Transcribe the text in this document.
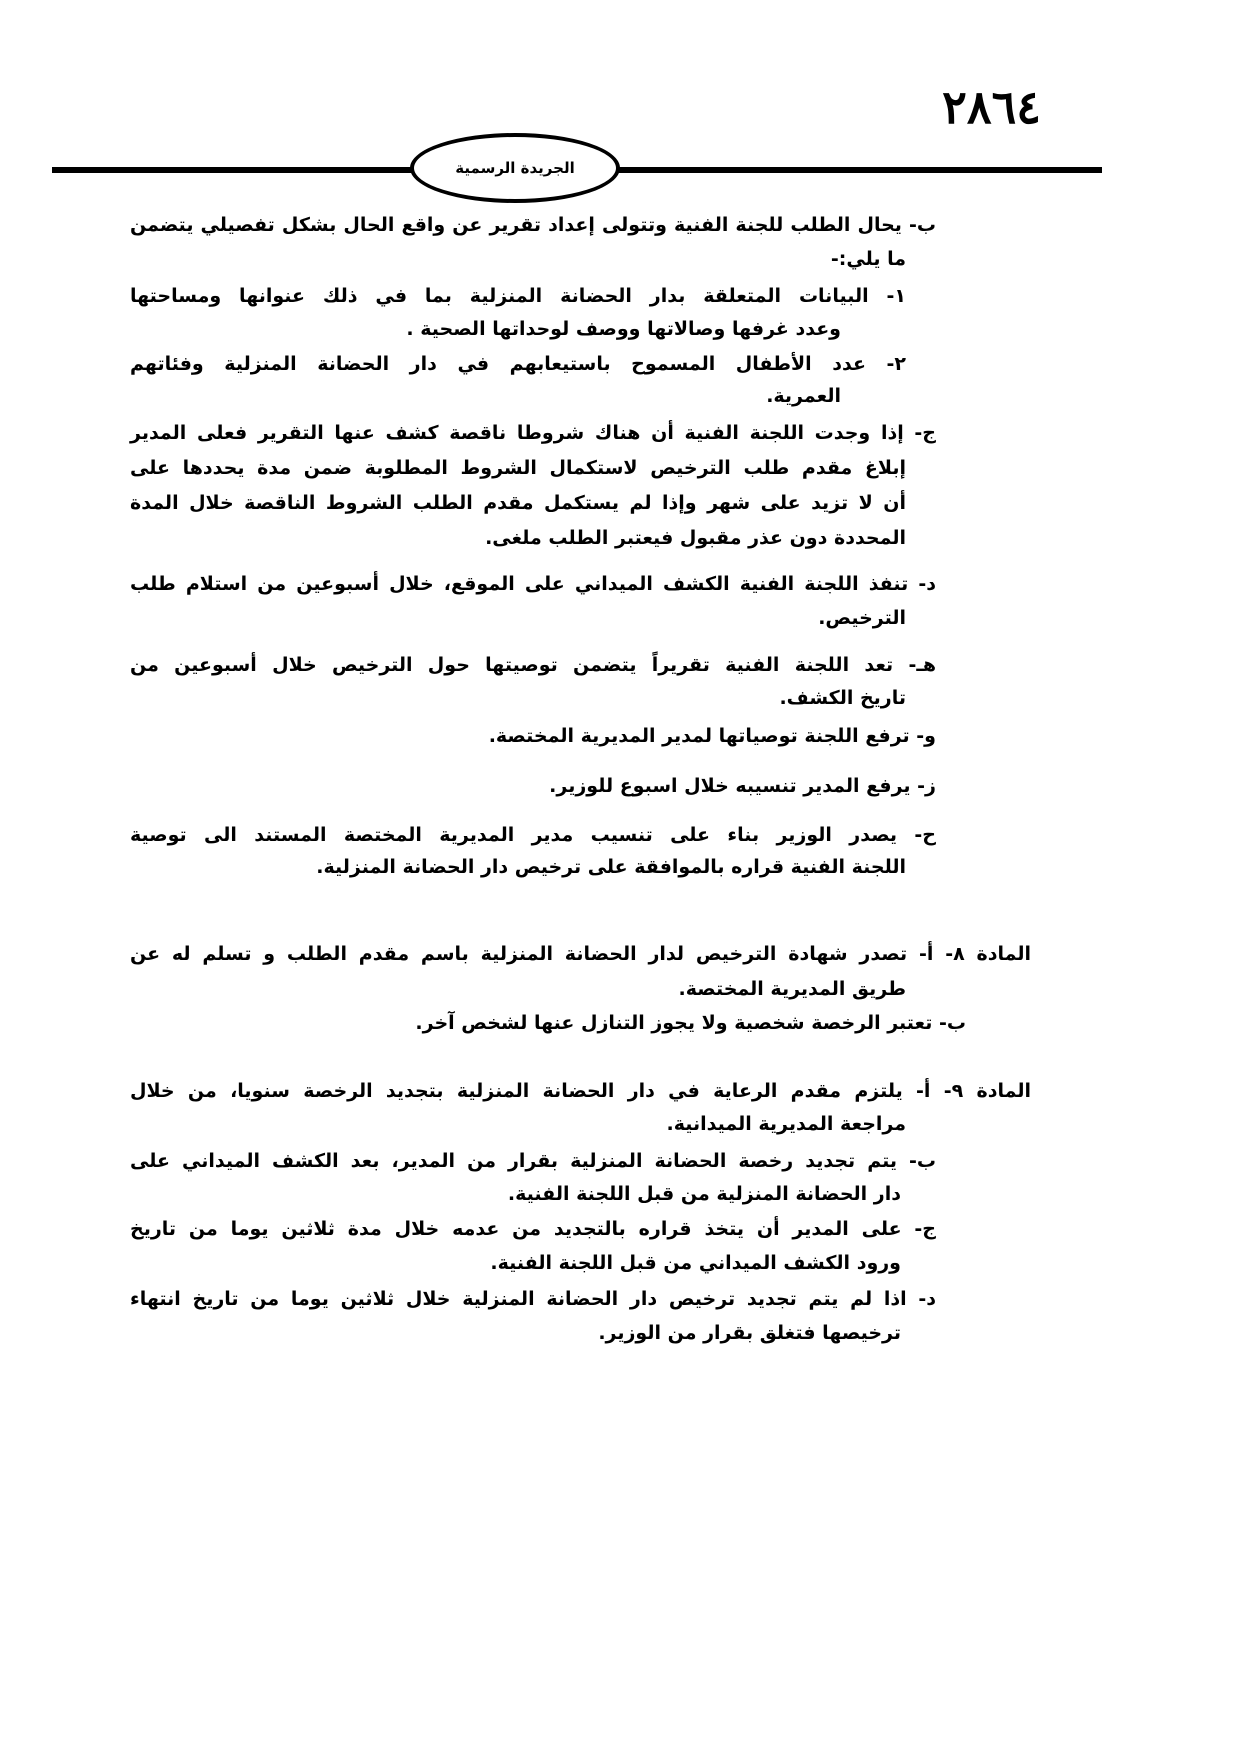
٢٨٦٤
الجريدة الرسمية
ب- يحال الطلب للجنة الفنية وتتولى إعداد تقرير عن واقع الحال بشكل تفصيلي يتضمن
ما يلي:-
١- البيانات المتعلقة بدار الحضانة المنزلية بما في ذلك عنوانها ومساحتها
وعدد غرفها وصالاتها ووصف لوحداتها الصحية .
٢- عدد الأطفال المسموح باستيعابهم في دار الحضانة المنزلية وفئاتهم
العمرية.
ج- إذا وجدت اللجنة الفنية أن هناك شروطا ناقصة كشف عنها التقرير فعلى المدير
إبلاغ مقدم طلب الترخيص لاستكمال الشروط المطلوبة ضمن مدة يحددها على
أن لا تزيد على شهر وإذا لم يستكمل مقدم الطلب الشروط الناقصة خلال المدة
المحددة دون عذر مقبول فيعتبر الطلب ملغى.
د- تنفذ اللجنة الفنية الكشف الميداني على الموقع، خلال أسبوعين من استلام طلب
الترخيص.
هـ- تعد اللجنة الفنية تقريراً يتضمن توصيتها حول الترخيص خلال أسبوعين من
تاريخ الكشف.
و- ترفع اللجنة توصياتها لمدير المديرية المختصة.
ز- يرفع المدير تنسيبه خلال اسبوع للوزير.
ح- يصدر الوزير بناء على تنسيب مدير المديرية المختصة المستند الى توصية
اللجنة الفنية قراره بالموافقة على ترخيص دار الحضانة المنزلية.
المادة ٨- أ- تصدر شهادة الترخيص لدار الحضانة المنزلية باسم مقدم الطلب و تسلم له عن
طريق المديرية المختصة.
ب- تعتبر الرخصة شخصية ولا يجوز التنازل عنها لشخص آخر.
المادة ٩- أ- يلتزم مقدم الرعاية في دار الحضانة المنزلية بتجديد الرخصة سنويا، من خلال
مراجعة المديرية الميدانية.
ب- يتم تجديد رخصة الحضانة المنزلية بقرار من المدير، بعد الكشف الميداني على
دار الحضانة المنزلية من قبل اللجنة الفنية.
ج- على المدير أن يتخذ قراره بالتجديد من عدمه خلال مدة ثلاثين يوما من تاريخ
ورود الكشف الميداني من قبل اللجنة الفنية.
د- اذا لم يتم تجديد ترخيص دار الحضانة المنزلية خلال ثلاثين يوما من تاريخ انتهاء
ترخيصها فتغلق بقرار من الوزير.
